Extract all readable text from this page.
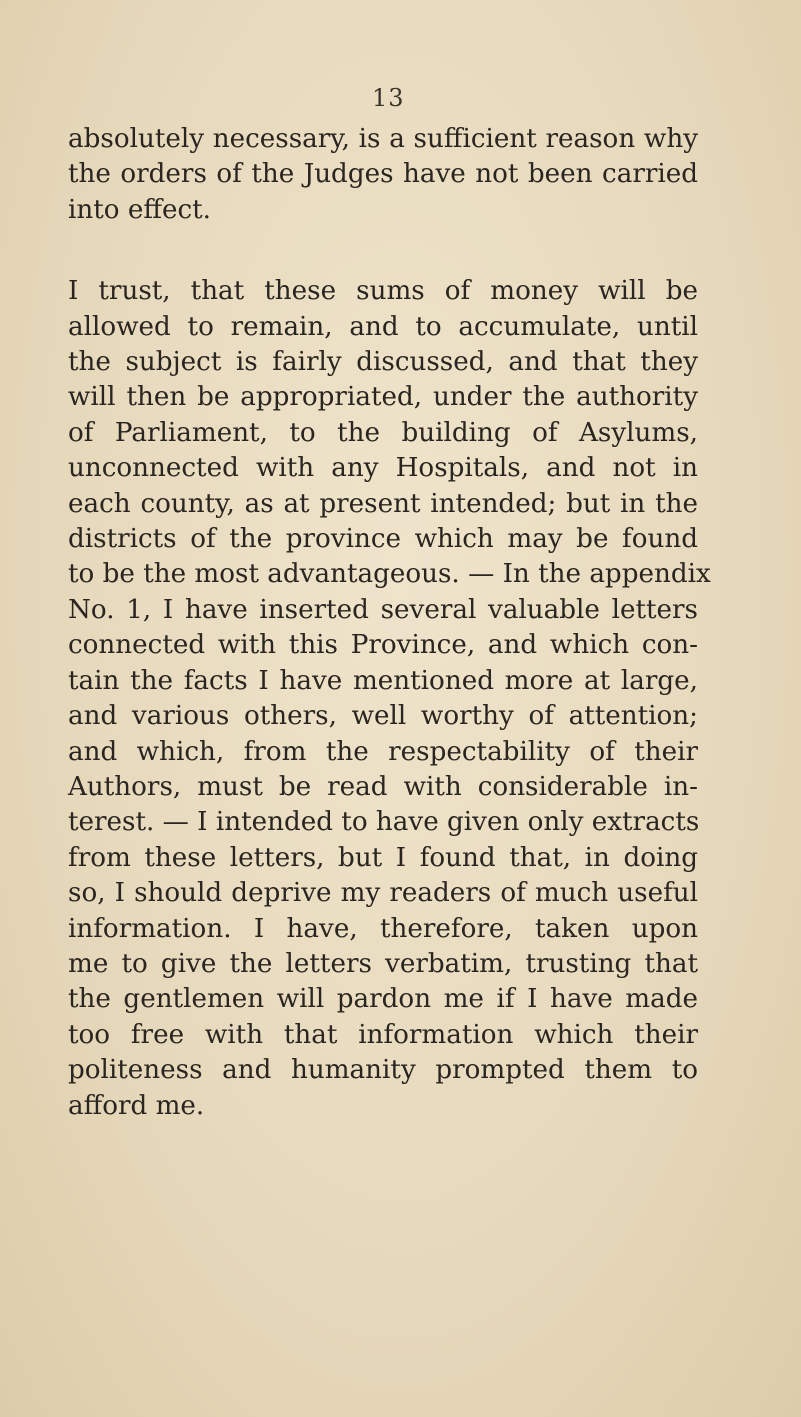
13

absolutely necessary, is a sufficient reason why
the orders of the Judges have not been carried
into effect.

I trust, that these sums of money will be
allowed to remain, and to accumulate, until
the subject is fairly discussed, and that they
will then be appropriated, under the authority
of Parliament, to the building of Asylums,
unconnected with any Hospitals, and not in
each county, as at present intended; but in the
districts of the province which may be found
to be the most advantageous. — In the appendix
No. 1, I have inserted several valuable letters
connected with this Province, and which con-
tain the facts I have mentioned more at large,
and various others, well worthy of attention;
and which, from the respectability of their
Authors, must be read with considerable in-
terest. — I intended to have given only extracts
from these letters, but I found that, in doing
so, I should deprive my readers of much useful
information. I have, therefore, taken upon
me to give the letters verbatim, trusting that
the gentlemen will pardon me if I have made
too free with that information which their
politeness and humanity prompted them to
afford me.
